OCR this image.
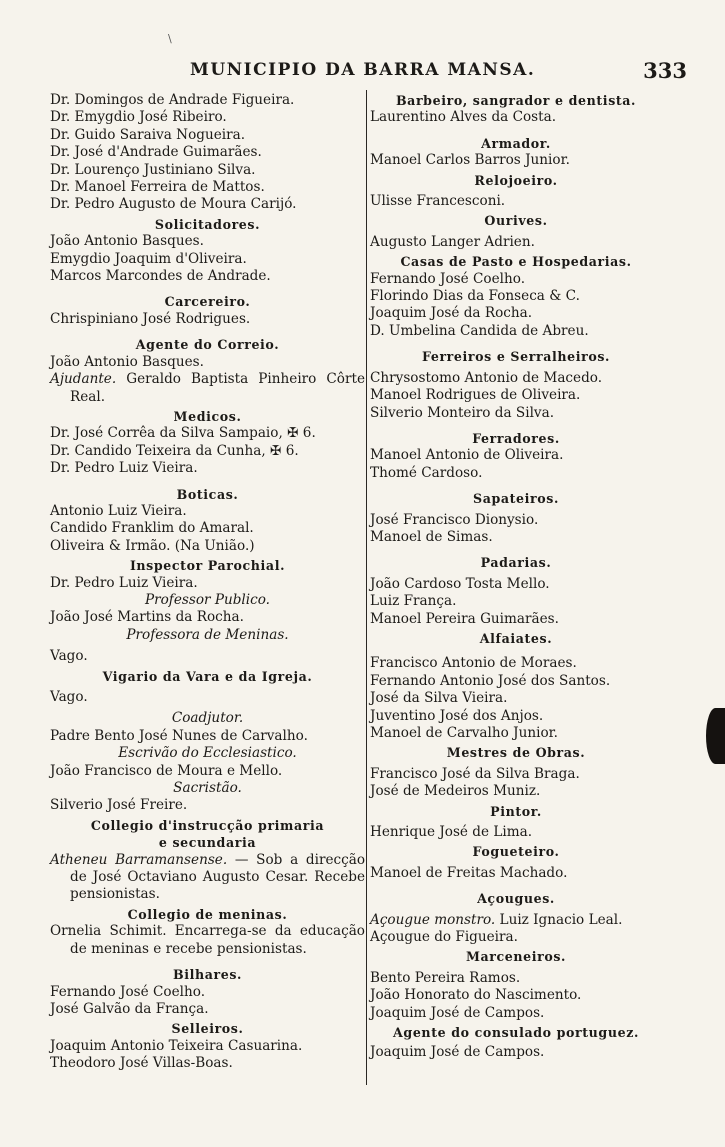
\
MUNICIPIO DA BARRA MANSA.	333
Dr. Domingos de Andrade Figueira.
Dr. Emygdio José Ribeiro.
Dr. Guido Saraiva Nogueira.
Dr. José d'Andrade Guimarães.
Dr. Lourenço Justiniano Silva.
Dr. Manoel Ferreira de Mattos.
Dr. Pedro Augusto de Moura Carijó.
Solicitadores.
João Antonio Basques.
Emygdio Joaquim d'Oliveira.
Marcos Marcondes de Andrade.
Carcereiro.
Chrispiniano José Rodrigues.
Agente do Correio.
João Antonio Basques.
Ajudante. Geraldo Baptista Pinheiro Côrte Real.
Medicos.
Dr. José Corrêa da Silva Sampaio, ✠ 6.
Dr. Candido Teixeira da Cunha, ✠ 6.
Dr. Pedro Luiz Vieira.
Boticas.
Antonio Luiz Vieira.
Candido Franklim do Amaral.
Oliveira & Irmão. (Na União.)
Inspector Parochial.
Dr. Pedro Luiz Vieira.
Professor Publico.
João José Martins da Rocha.
Professora de Meninas.
Vago.
Vigario da Vara e da Igreja.
Vago.
Coadjutor.
Padre Bento José Nunes de Carvalho.
Escrivão do Ecclesiastico.
João Francisco de Moura e Mello.
Sacristão.
Silverio José Freire.
Collegio d'instrucção primaria
e secundaria
Atheneu Barramansense. — Sob a direcção de José Octaviano Augusto Cesar. Recebe pensionistas.
Collegio de meninas.
Ornelia Schimit. Encarrega-se da educação de meninas e recebe pensionistas.
Bilhares.
Fernando José Coelho.
José Galvão da França.
Selleiros.
Joaquim Antonio Teixeira Casuarina.
Theodoro José Villas-Boas.
Barbeiro, sangrador e dentista.
Laurentino Alves da Costa.
Armador.
Manoel Carlos Barros Junior.
Relojoeiro.
Ulisse Francesconi.
Ourives.
Augusto Langer Adrien.
Casas de Pasto e Hospedarias.
Fernando José Coelho.
Florindo Dias da Fonseca & C.
Joaquim José da Rocha.
D. Umbelina Candida de Abreu.
Ferreiros e Serralheiros.
Chrysostomo Antonio de Macedo.
Manoel Rodrigues de Oliveira.
Silverio Monteiro da Silva.
Ferradores.
Manoel Antonio de Oliveira.
Thomé Cardoso.
Sapateiros.
José Francisco Dionysio.
Manoel de Simas.
Padarias.
João Cardoso Tosta Mello.
Luiz França.
Manoel Pereira Guimarães.
Alfaiates.
Francisco Antonio de Moraes.
Fernando Antonio José dos Santos.
José da Silva Vieira.
Juventino José dos Anjos.
Manoel de Carvalho Junior.
Mestres de Obras.
Francisco José da Silva Braga.
José de Medeiros Muniz.
Pintor.
Henrique José de Lima.
Fogueteiro.
Manoel de Freitas Machado.
Açougues.
Açougue monstro. Luiz Ignacio Leal.
Açougue do Figueira.
Marceneiros.
Bento Pereira Ramos.
João Honorato do Nascimento.
Joaquim José de Campos.
Agente do consulado portuguez.
Joaquim José de Campos.
